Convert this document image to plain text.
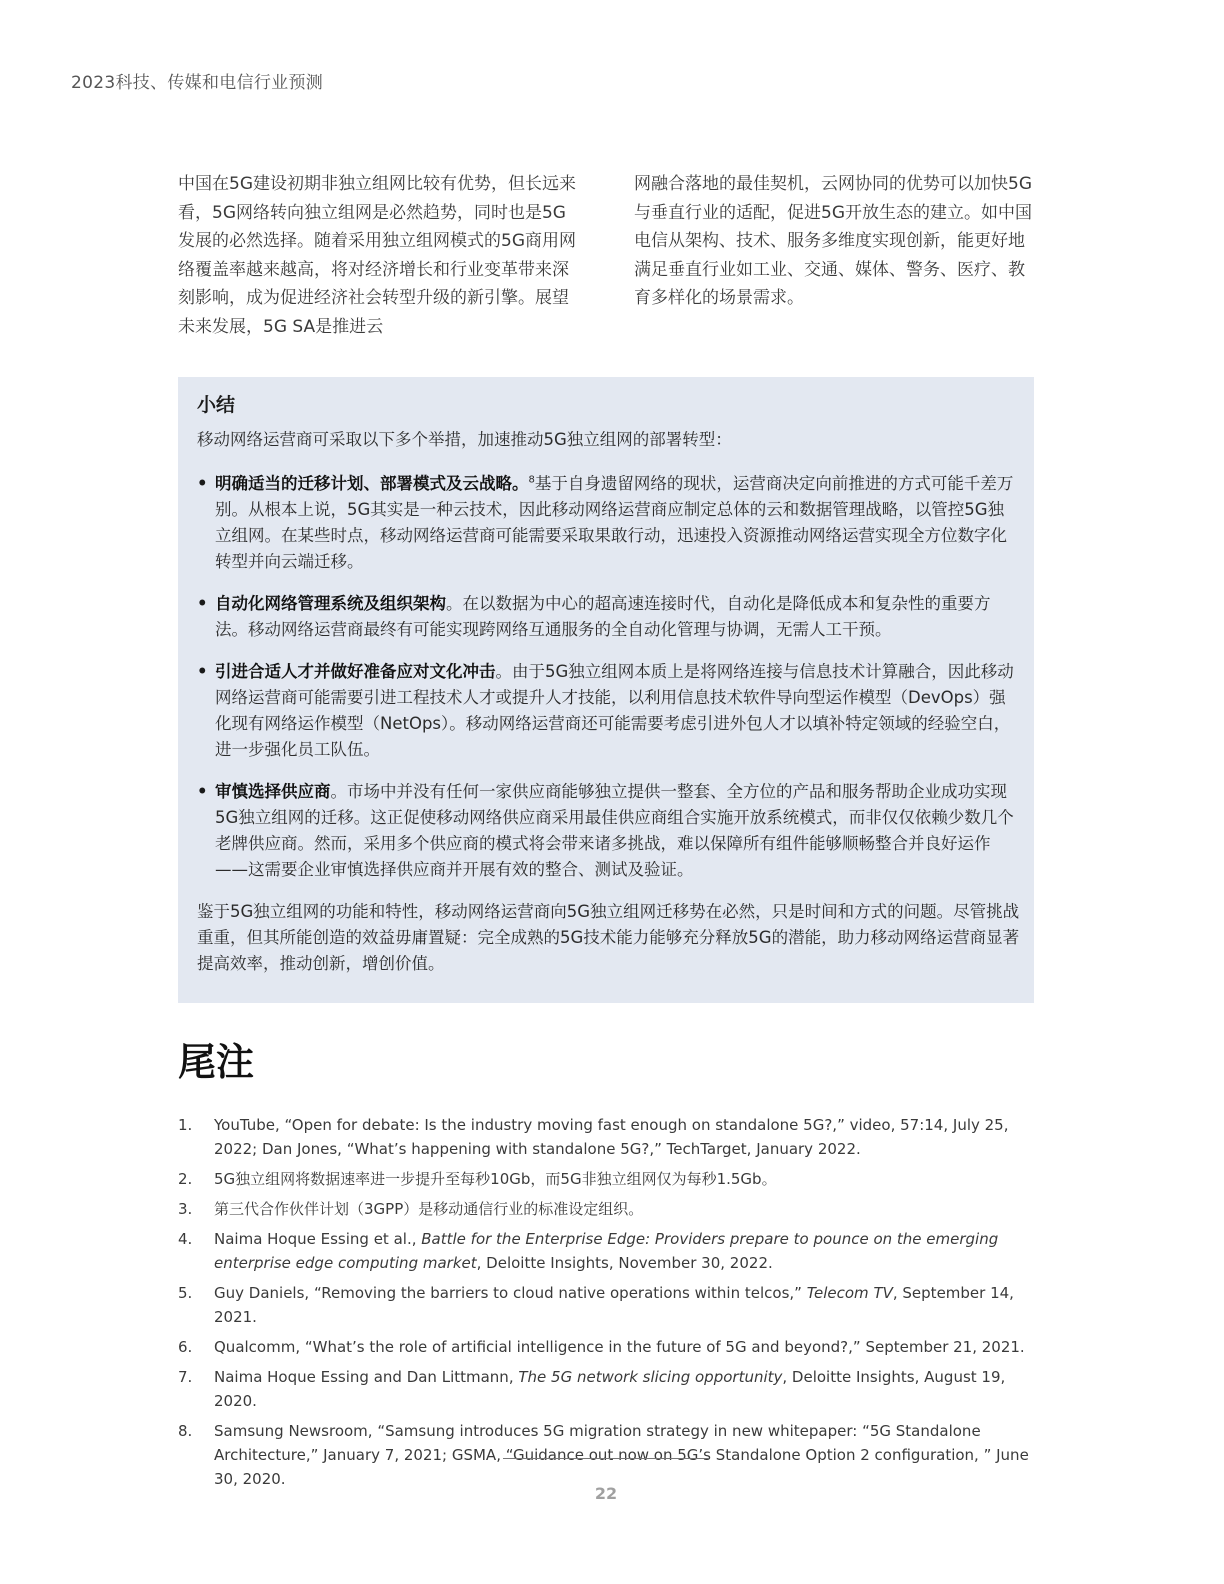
2023科技、传媒和电信行业预测

中国在5G建设初期非独立组网比较有优势，但长远来看，5G网络转向独立组网是必然趋势，同时也是5G发展的必然选择。随着采用独立组网模式的5G商用网络覆盖率越来越高，将对经济增长和行业变革带来深刻影响，成为促进经济社会转型升级的新引擎。展望未来发展，5G SA是推进云

网融合落地的最佳契机，云网协同的优势可以加快5G与垂直行业的适配，促进5G开放生态的建立。如中国电信从架构、技术、服务多维度实现创新，能更好地满足垂直行业如工业、交通、媒体、警务、医疗、教育多样化的场景需求。

小结

移动网络运营商可采取以下多个举措，加速推动5G独立组网的部署转型：

• 明确适当的迁移计划、部署模式及云战略。$^8$基于自身遗留网络的现状，运营商决定向前推进的方式可能千差万别。从根本上说，5G其实是一种云技术，因此移动网络运营商应制定总体的云和数据管理战略，以管控5G独立组网。在某些时点，移动网络运营商可能需要采取果敢行动，迅速投入资源推动网络运营实现全方位数字化转型并向云端迁移。
• 自动化网络管理系统及组织架构。在以数据为中心的超高速连接时代，自动化是降低成本和复杂性的重要方法。移动网络运营商最终有可能实现跨网络互通服务的全自动化管理与协调，无需人工干预。
• 引进合适人才并做好准备应对文化冲击。由于5G独立组网本质上是将网络连接与信息技术计算融合，因此移动网络运营商可能需要引进工程技术人才或提升人才技能，以利用信息技术软件导向型运作模型（DevOps）强化现有网络运作模型（NetOps）。移动网络运营商还可能需要考虑引进外包人才以填补特定领域的经验空白，进一步强化员工队伍。
• 审慎选择供应商。市场中并没有任何一家供应商能够独立提供一整套、全方位的产品和服务帮助企业成功实现5G独立组网的迁移。这正促使移动网络供应商采用最佳供应商组合实施开放系统模式，而非仅仅依赖少数几个老牌供应商。然而，采用多个供应商的模式将会带来诸多挑战，难以保障所有组件能够顺畅整合并良好运作——这需要企业审慎选择供应商并开展有效的整合、测试及验证。

鉴于5G独立组网的功能和特性，移动网络运营商向5G独立组网迁移势在必然，只是时间和方式的问题。尽管挑战重重，但其所能创造的效益毋庸置疑：完全成熟的5G技术能力能够充分释放5G的潜能，助力移动网络运营商显著提高效率，推动创新，增创价值。

尾注
1.	YouTube, “Open for debate: Is the industry moving fast enough on standalone 5G?,” video, 57:14, July 25, 2022; Dan Jones, “What’s happening with standalone 5G?,” TechTarget, January 2022.
2.	5G独立组网将数据速率进一步提升至每秒10Gb，而5G非独立组网仅为每秒1.5Gb。
3.	第三代合作伙伴计划（3GPP）是移动通信行业的标准设定组织。
4.	Naima Hoque Essing et al., Battle for the Enterprise Edge: Providers prepare to pounce on the emerging enterprise edge computing market, Deloitte Insights, November 30, 2022.
5.	Guy Daniels, “Removing the barriers to cloud native operations within telcos,” Telecom TV, September 14, 2021.
6.	Qualcomm, “What’s the role of artificial intelligence in the future of 5G and beyond?,” September 21, 2021.
7.	Naima Hoque Essing and Dan Littmann, The 5G network slicing opportunity, Deloitte Insights, August 19, 2020.
8.	Samsung Newsroom, “Samsung introduces 5G migration strategy in new whitepaper: “5G Standalone Architecture,” January 7, 2021; GSMA, “Guidance out now on 5G’s Standalone Option 2 configuration, ” June 30, 2020.
22
